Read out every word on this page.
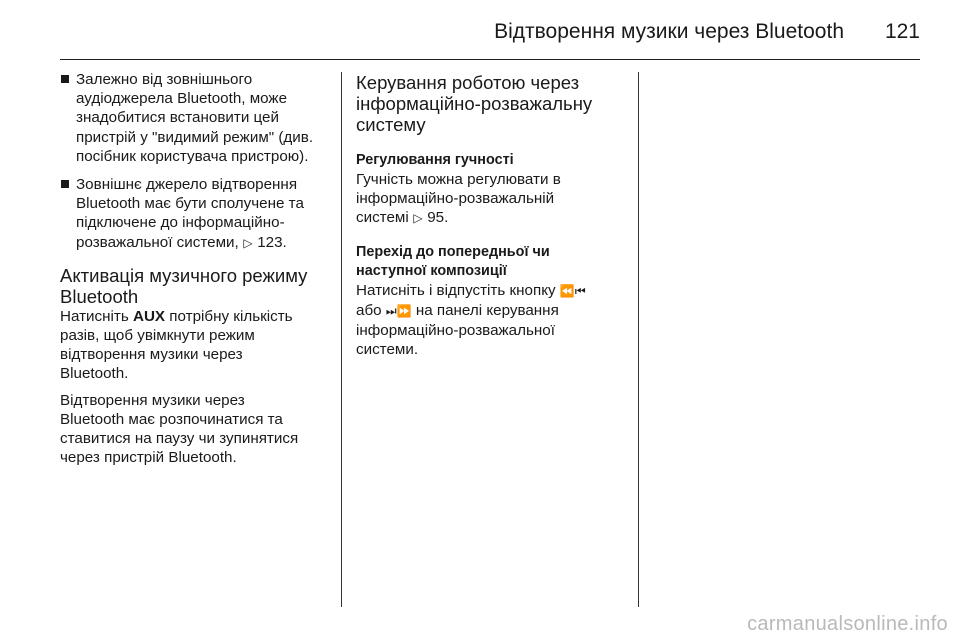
Відтворення музики через Bluetooth 121
Залежно від зовнішнього
аудіоджерела Bluetooth, може
знадобитися встановити цей
пристрій у "видимий режим" (див.
посібник користувача пристрою).
Зовнішнє джерело відтворення
Bluetooth має бути сполучене та
підключене до інформаційно-
розважальної системи, ▷ 123.
Активація музичного режиму
Bluetooth
Натисніть AUX потрібну кількість
разів, щоб увімкнути режим
відтворення музики через
Bluetooth.
Відтворення музики через
Bluetooth має розпочинатися та
ставитися на паузу чи зупинятися
через пристрій Bluetooth.
Керування роботою через
інформаційно-розважальну
систему
Регулювання гучності
Гучність можна регулювати в
інформаційно-розважальній
системі ▷ 95.
Перехід до попередньої чи
наступної композиції
Натисніть і відпустіть кнопку ⏪⏮
або ⏭⏩ на панелі керування
інформаційно-розважальної
системи.
carmanualsonline.info
